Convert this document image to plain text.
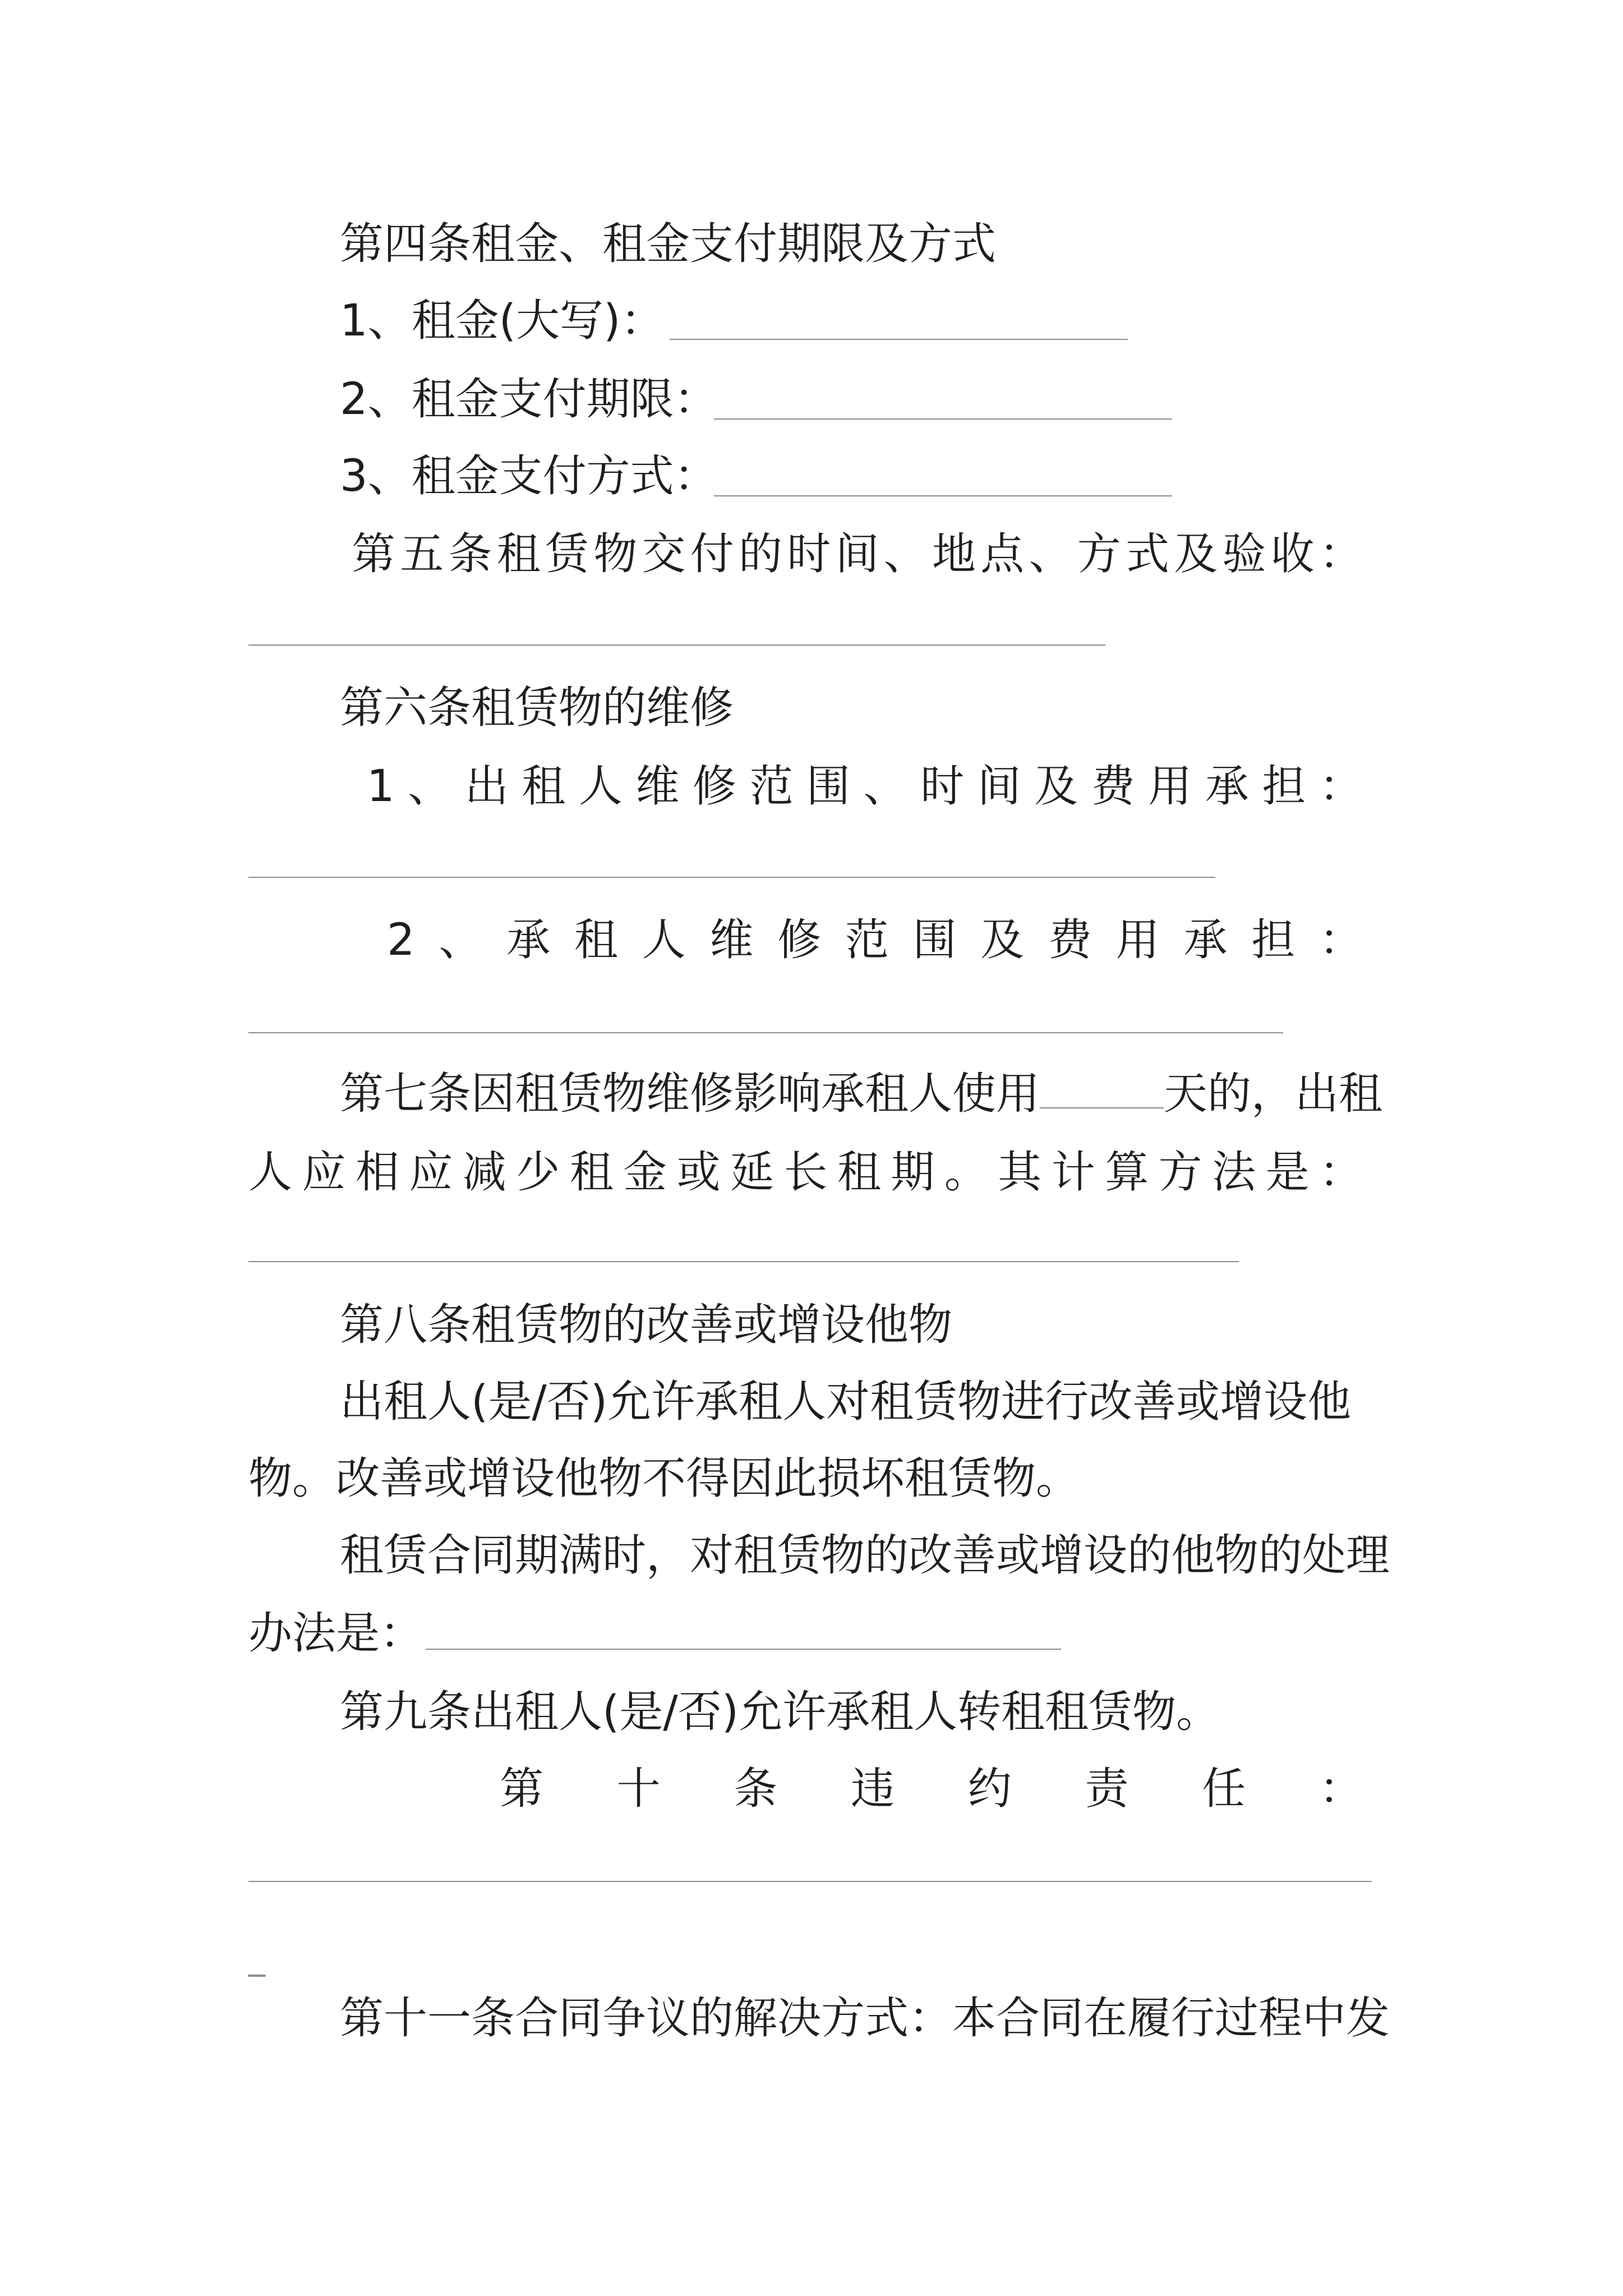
第四条租金、租金支付期限及方式
1、租金(大写)：
2、租金支付期限：
3、租金支付方式：
第五条租赁物交付的时间、地点、方式及验收：
第六条租赁物的维修
1、出租人维修范围、时间及费用承担：
2、承租人维修范围及费用承担：
第七条因租赁物维修影响承租人使用	天的，出租
人应相应减少租金或延长租期。其计算方法是：
第八条租赁物的改善或增设他物
出租人(是/否)允许承租人对租赁物进行改善或增设他
物。改善或增设他物不得因此损坏租赁物。
租赁合同期满时，对租赁物的改善或增设的他物的处理
办法是：
第九条出租人(是/否)允许承租人转租租赁物。
第十条违约责任：
_
第十一条合同争议的解决方式：本合同在履行过程中发
